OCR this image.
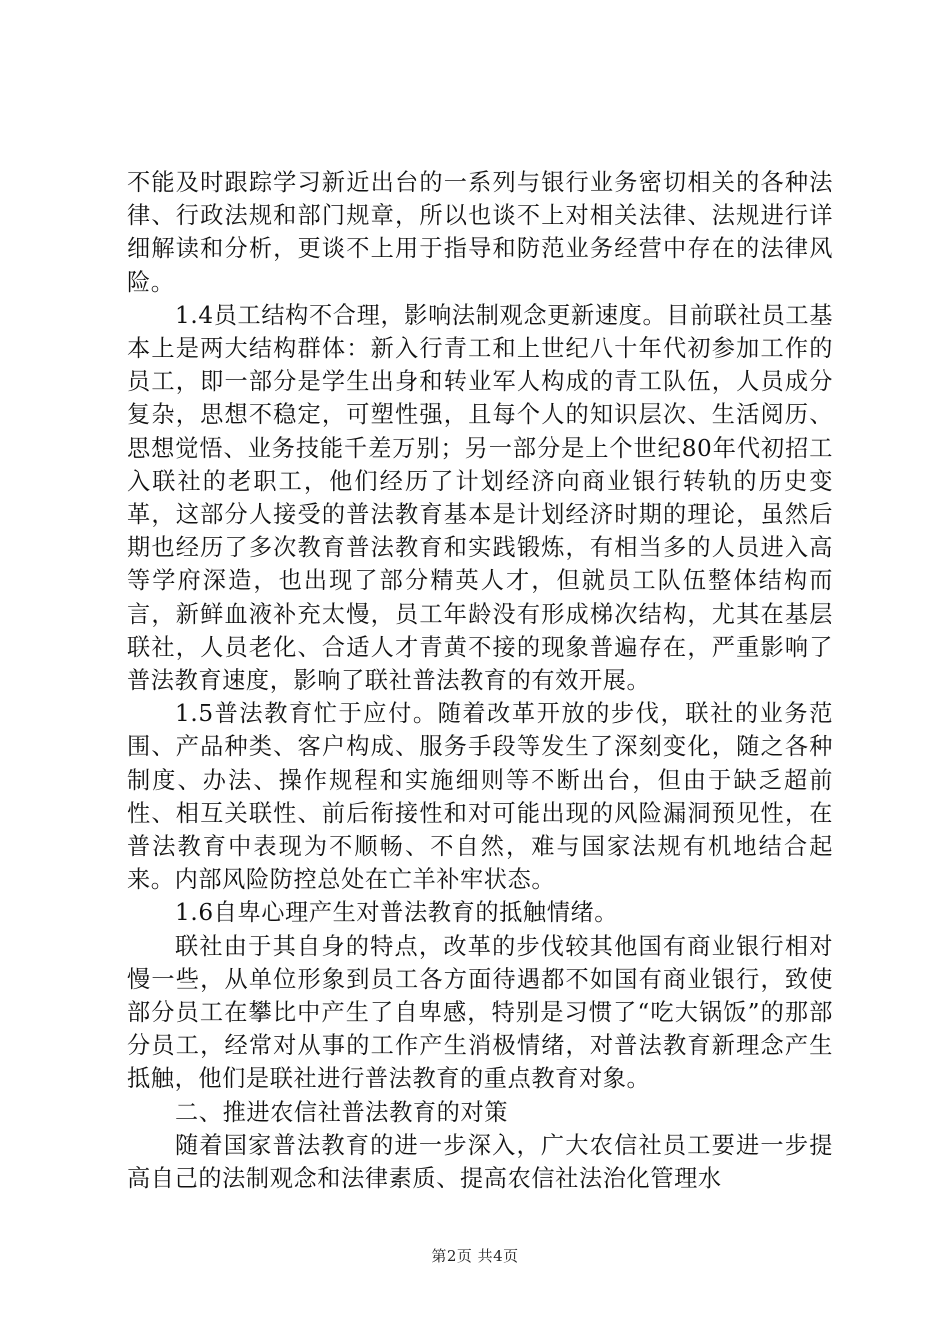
不能及时跟踪学习新近出台的一系列与银行业务密切相关的各种法律、行政法规和部门规章，所以也谈不上对相关法律、法规进行详细解读和分析，更谈不上用于指导和防范业务经营中存在的法律风险。

1.4员工结构不合理，影响法制观念更新速度。目前联社员工基本上是两大结构群体：新入行青工和上世纪八十年代初参加工作的员工，即一部分是学生出身和转业军人构成的青工队伍，人员成分复杂，思想不稳定，可塑性强，且每个人的知识层次、生活阅历、思想觉悟、业务技能千差万别；另一部分是上个世纪80年代初招工入联社的老职工，他们经历了计划经济向商业银行转轨的历史变革，这部分人接受的普法教育基本是计划经济时期的理论，虽然后期也经历了多次教育普法教育和实践锻炼，有相当多的人员进入高等学府深造，也出现了部分精英人才，但就员工队伍整体结构而言，新鲜血液补充太慢，员工年龄没有形成梯次结构，尤其在基层联社，人员老化、合适人才青黄不接的现象普遍存在，严重影响了普法教育速度，影响了联社普法教育的有效开展。

1.5普法教育忙于应付。随着改革开放的步伐，联社的业务范围、产品种类、客户构成、服务手段等发生了深刻变化，随之各种制度、办法、操作规程和实施细则等不断出台，但由于缺乏超前性、相互关联性、前后衔接性和对可能出现的风险漏洞预见性，在普法教育中表现为不顺畅、不自然，难与国家法规有机地结合起来。内部风险防控总处在亡羊补牢状态。

1.6自卑心理产生对普法教育的抵触情绪。

联社由于其自身的特点，改革的步伐较其他国有商业银行相对慢一些，从单位形象到员工各方面待遇都不如国有商业银行，致使部分员工在攀比中产生了自卑感，特别是习惯了“吃大锅饭”的那部分员工，经常对从事的工作产生消极情绪，对普法教育新理念产生抵触，他们是联社进行普法教育的重点教育对象。

二、推进农信社普法教育的对策

随着国家普法教育的进一步深入，广大农信社员工要进一步提高自己的法制观念和法律素质、提高农信社法治化管理水

第2页 共4页
